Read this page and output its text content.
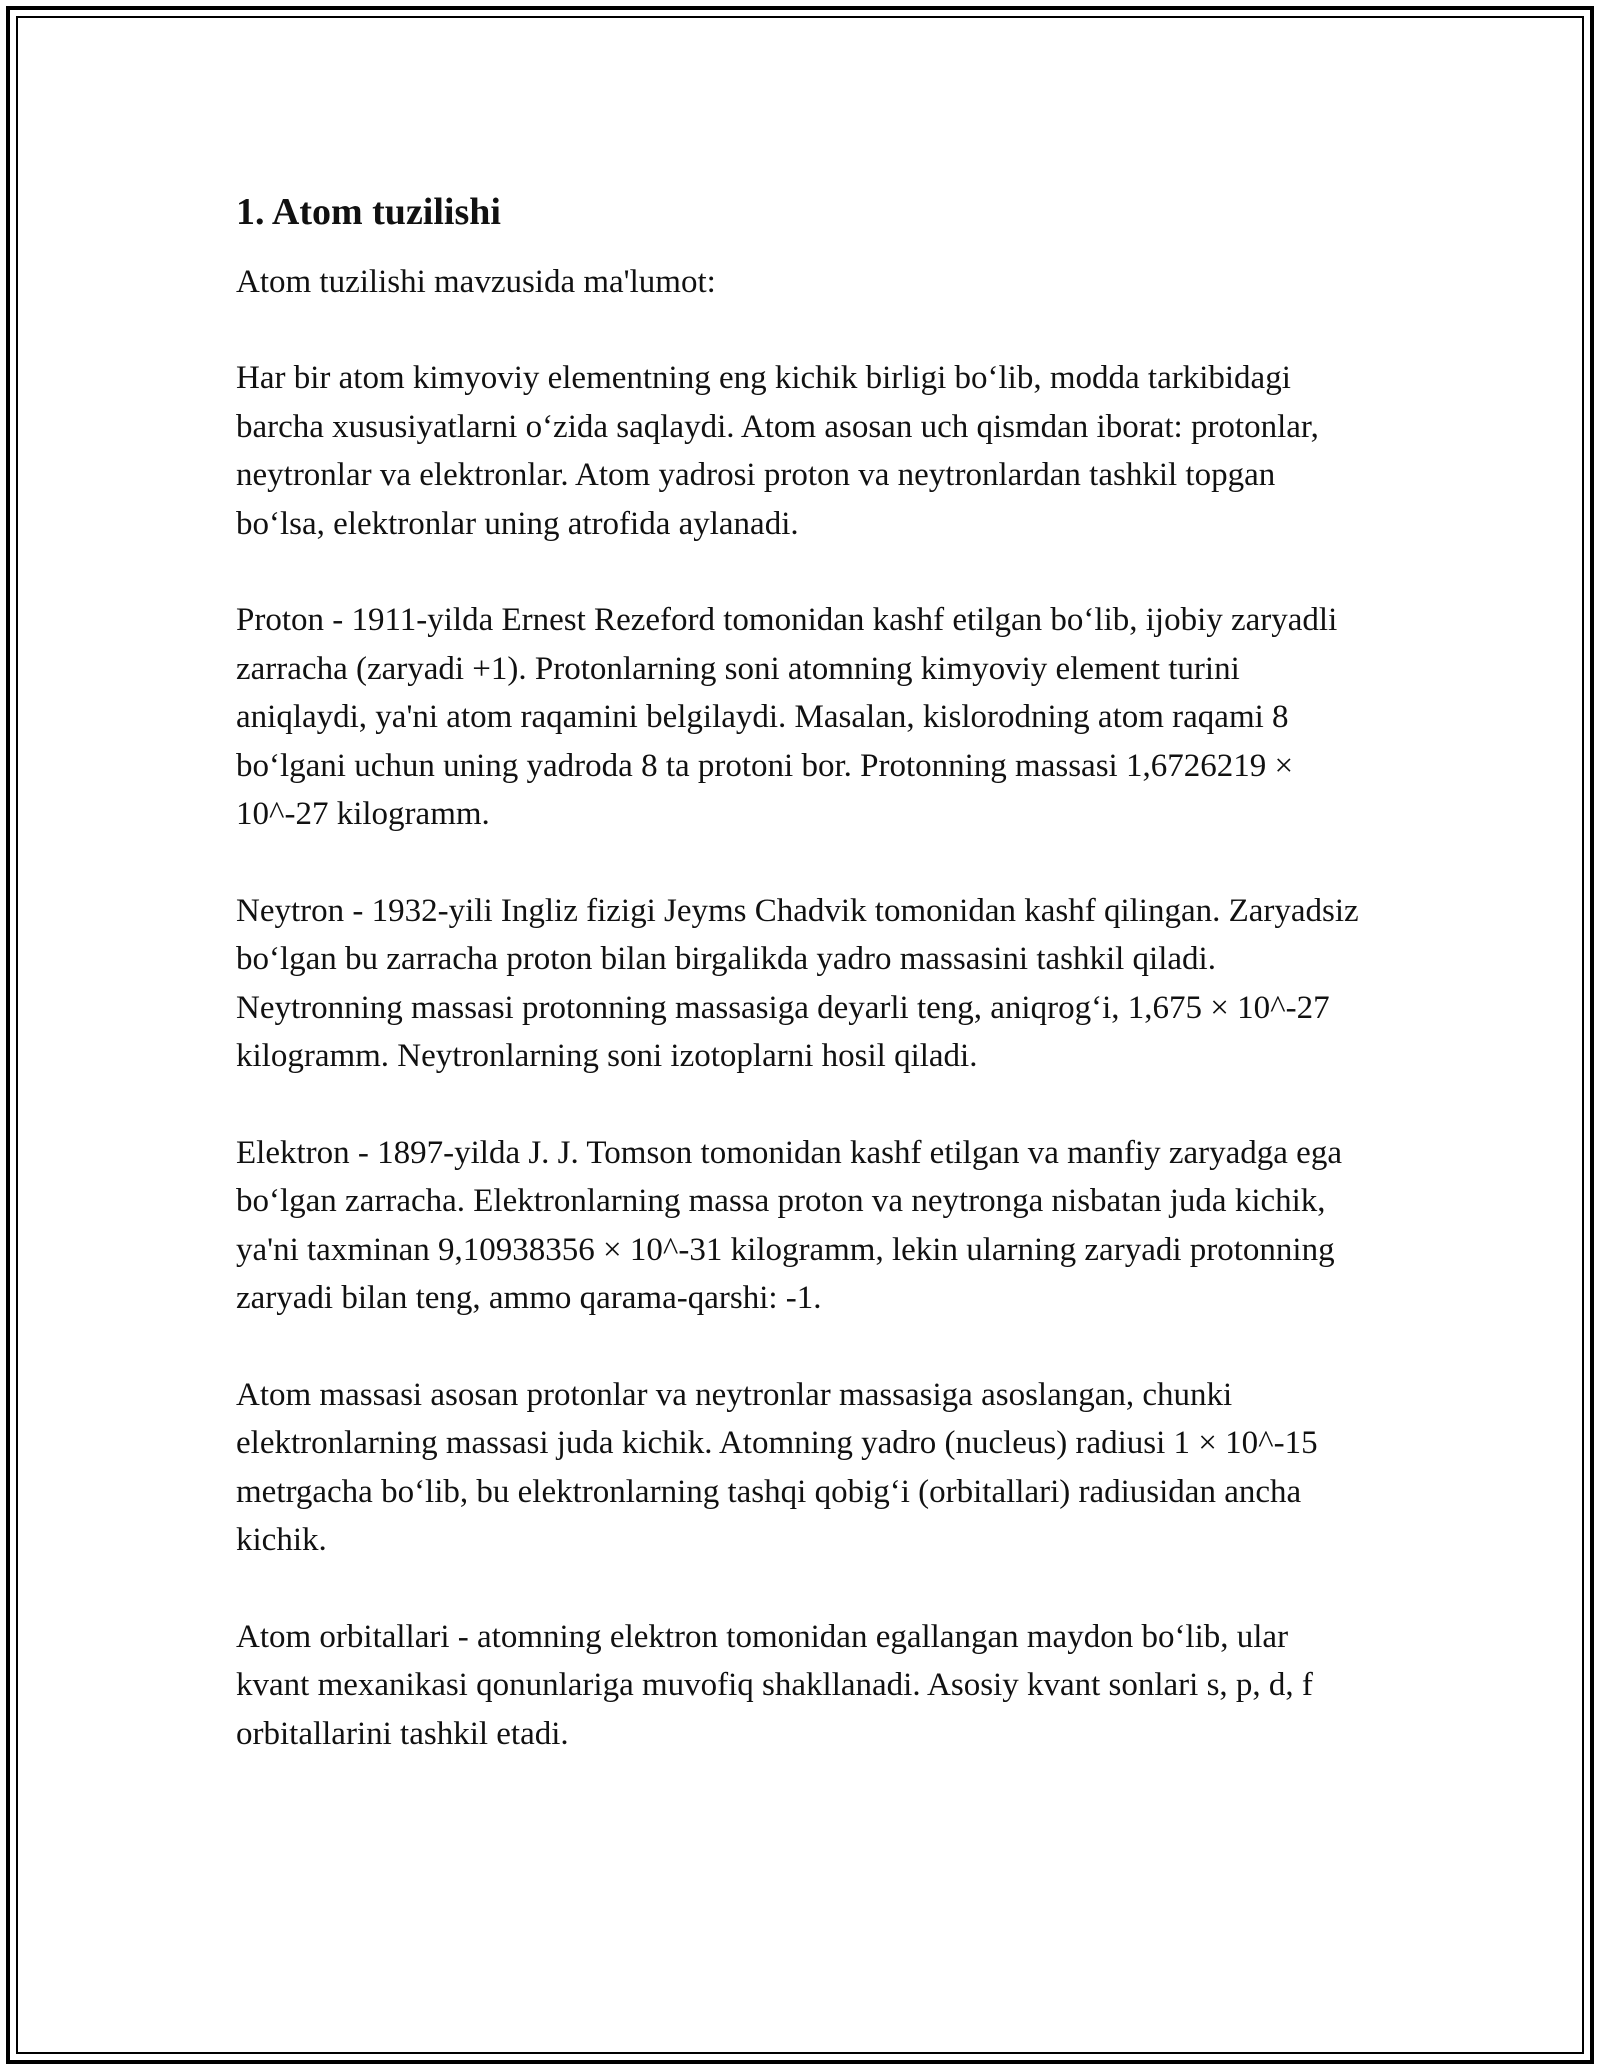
1. Atom tuzilishi

Atom tuzilishi mavzusida ma'lumot:

Har bir atom kimyoviy elementning eng kichik birligi bo‘lib, modda tarkibidagi barcha xususiyatlarni o‘zida saqlaydi. Atom asosan uch qismdan iborat: protonlar, neytronlar va elektronlar. Atom yadrosi proton va neytronlardan tashkil topgan bo‘lsa, elektronlar uning atrofida aylanadi.

Proton - 1911-yilda Ernest Rezeford tomonidan kashf etilgan bo‘lib, ijobiy zaryadli zarracha (zaryadi +1). Protonlarning soni atomning kimyoviy element turini aniqlaydi, ya'ni atom raqamini belgilaydi. Masalan, kislorodning atom raqami 8 bo‘lgani uchun uning yadroda 8 ta protoni bor. Protonning massasi 1,6726219 × 10^-27 kilogramm.

Neytron - 1932-yili Ingliz fizigi Jeyms Chadvik tomonidan kashf qilingan. Zaryadsiz bo‘lgan bu zarracha proton bilan birgalikda yadro massasini tashkil qiladi. Neytronning massasi protonning massasiga deyarli teng, aniqrog‘i, 1,675 × 10^-27 kilogramm. Neytronlarning soni izotoplarni hosil qiladi.

Elektron - 1897-yilda J. J. Tomson tomonidan kashf etilgan va manfiy zaryadga ega bo‘lgan zarracha. Elektronlarning massa proton va neytronga nisbatan juda kichik, ya'ni taxminan 9,10938356 × 10^-31 kilogramm, lekin ularning zaryadi protonning zaryadi bilan teng, ammo qarama-qarshi: -1.

Atom massasi asosan protonlar va neytronlar massasiga asoslangan, chunki elektronlarning massasi juda kichik. Atomning yadro (nucleus) radiusi 1 × 10^-15 metrgacha bo‘lib, bu elektronlarning tashqi qobig‘i (orbitallari) radiusidan ancha kichik.

Atom orbitallari - atomning elektron tomonidan egallangan maydon bo‘lib, ular kvant mexanikasi qonunlariga muvofiq shakllanadi. Asosiy kvant sonlari s, p, d, f orbitallarini tashkil etadi.
